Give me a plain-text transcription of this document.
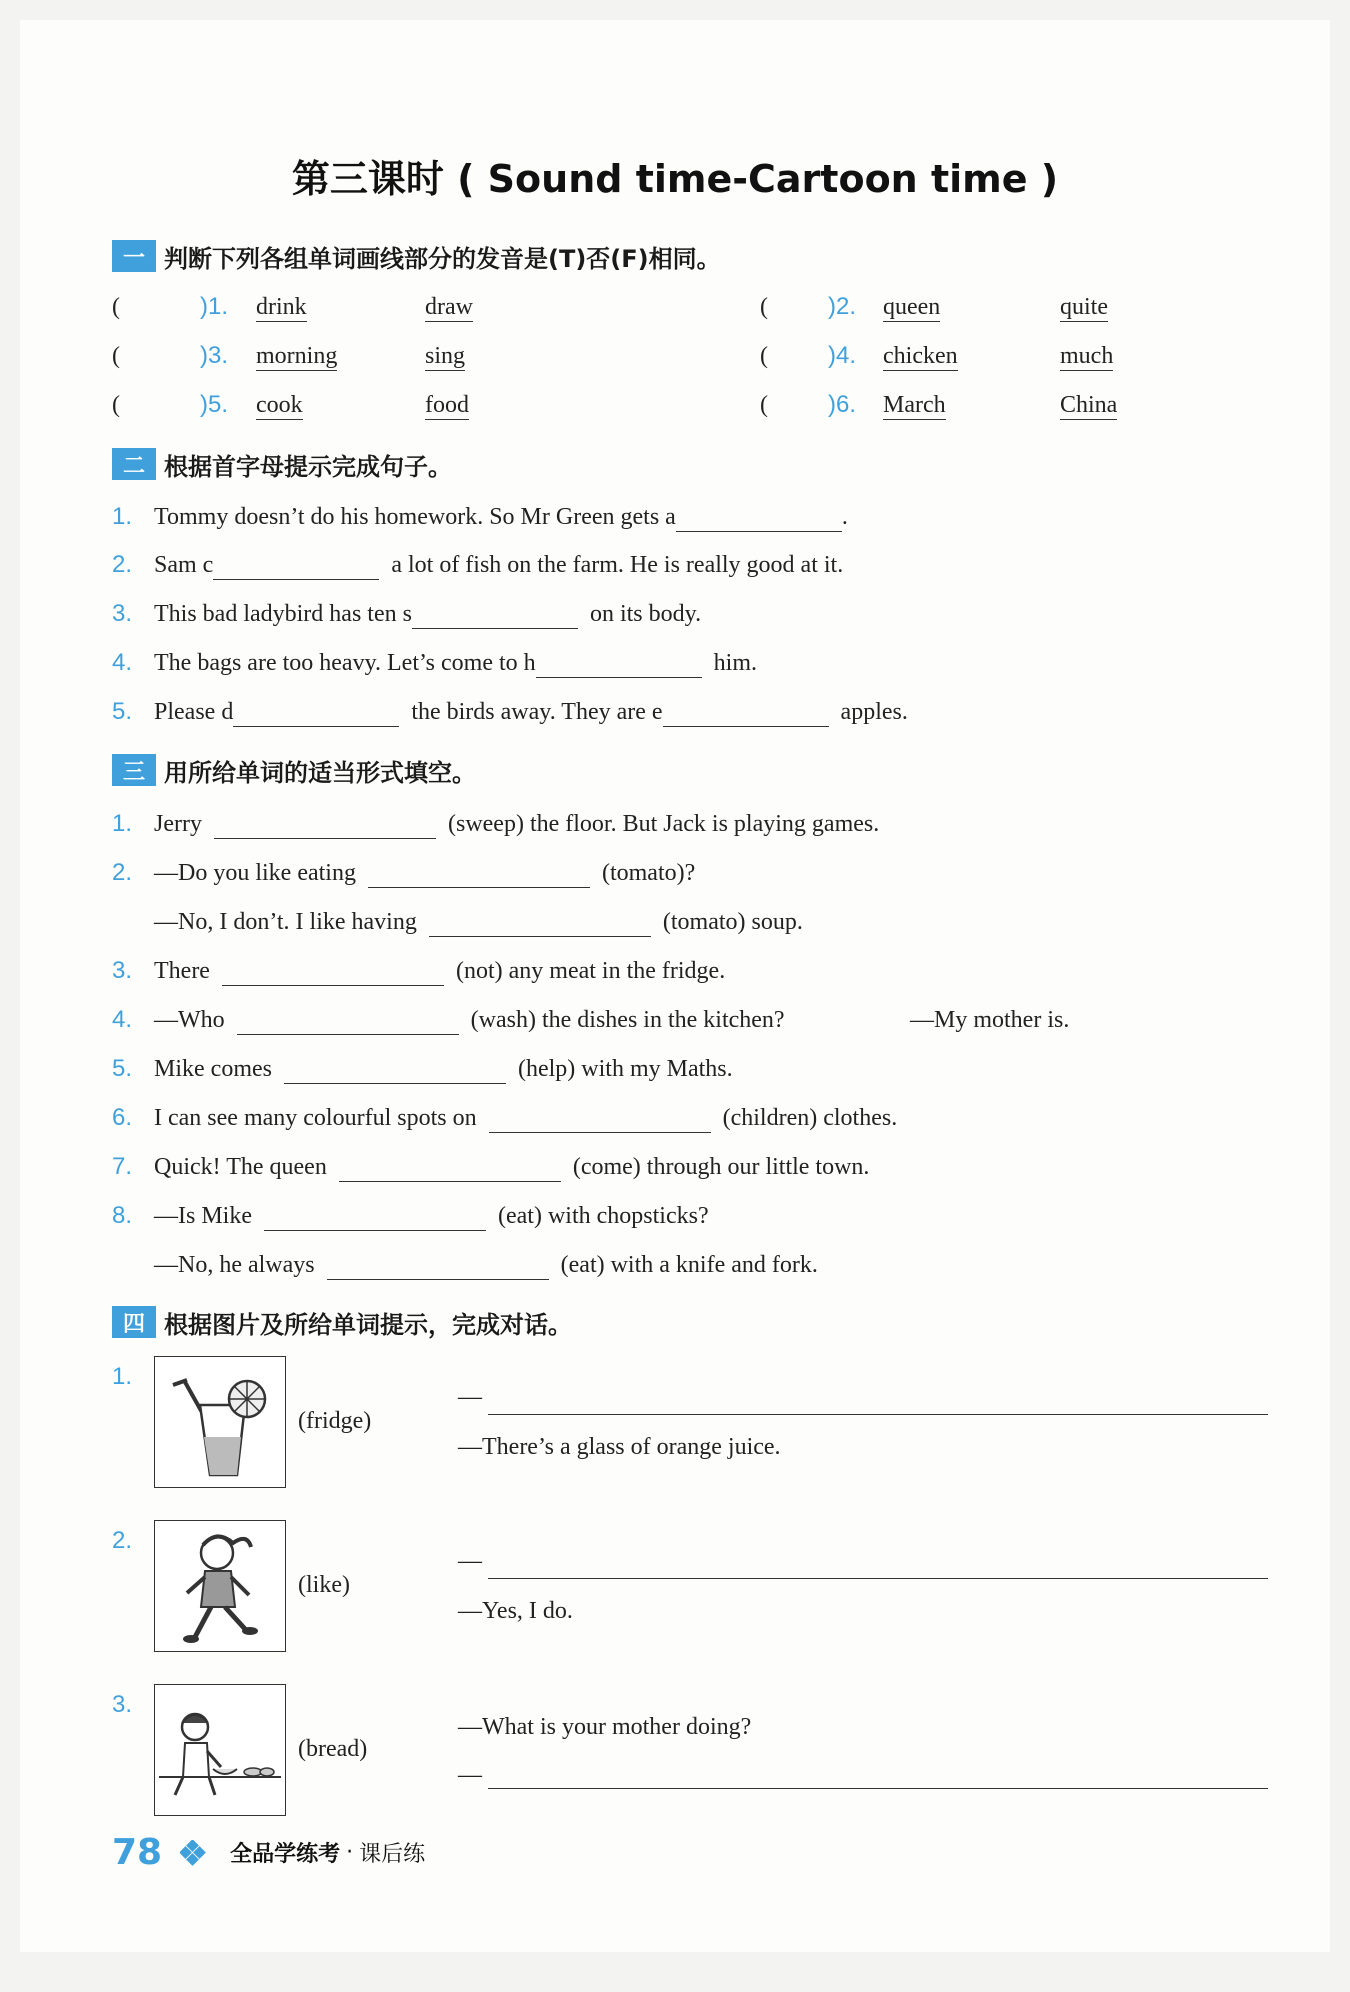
第三课时 ( Sound time-Cartoon time )
一 判断下列各组单词画线部分的发音是(T)否(F)相同。
(	)1. drink	draw	(	)2. queen	quite
(	)3. morning	sing	(	)4. chicken	much
(	)5. cook	food	(	)6. March	China
二 根据首字母提示完成句子。
1. Tommy doesn’t do his homework. So Mr Green gets a	.
2. Sam c	a lot of fish on the farm. He is really good at it.
3. This bad ladybird has ten s	on its body.
4. The bags are too heavy. Let’s come to h	him.
5. Please d	the birds away. They are e	apples.
三 用所给单词的适当形式填空。
1. Jerry	(sweep) the floor. But Jack is playing games.
2. —Do you like eating	(tomato)?
—No, I don’t. I like having	(tomato) soup.
3. There	(not) any meat in the fridge.
4. —Who	(wash) the dishes in the kitchen?	—My mother is.
5. Mike comes	(help) with my Maths.
6. I can see many colourful spots on	(children) clothes.
7. Quick! The queen	(come) through our little town.
8. —Is Mike	(eat) with chopsticks?
—No, he always	(eat) with a knife and fork.
四 根据图片及所给单词提示，完成对话。
1.
(fridge)
—
—There’s a glass of orange juice.
2.
(like)
—
—Yes, I do.
3.
(bread)
—What is your mother doing?
—
78	全品学练考 · 课后练
